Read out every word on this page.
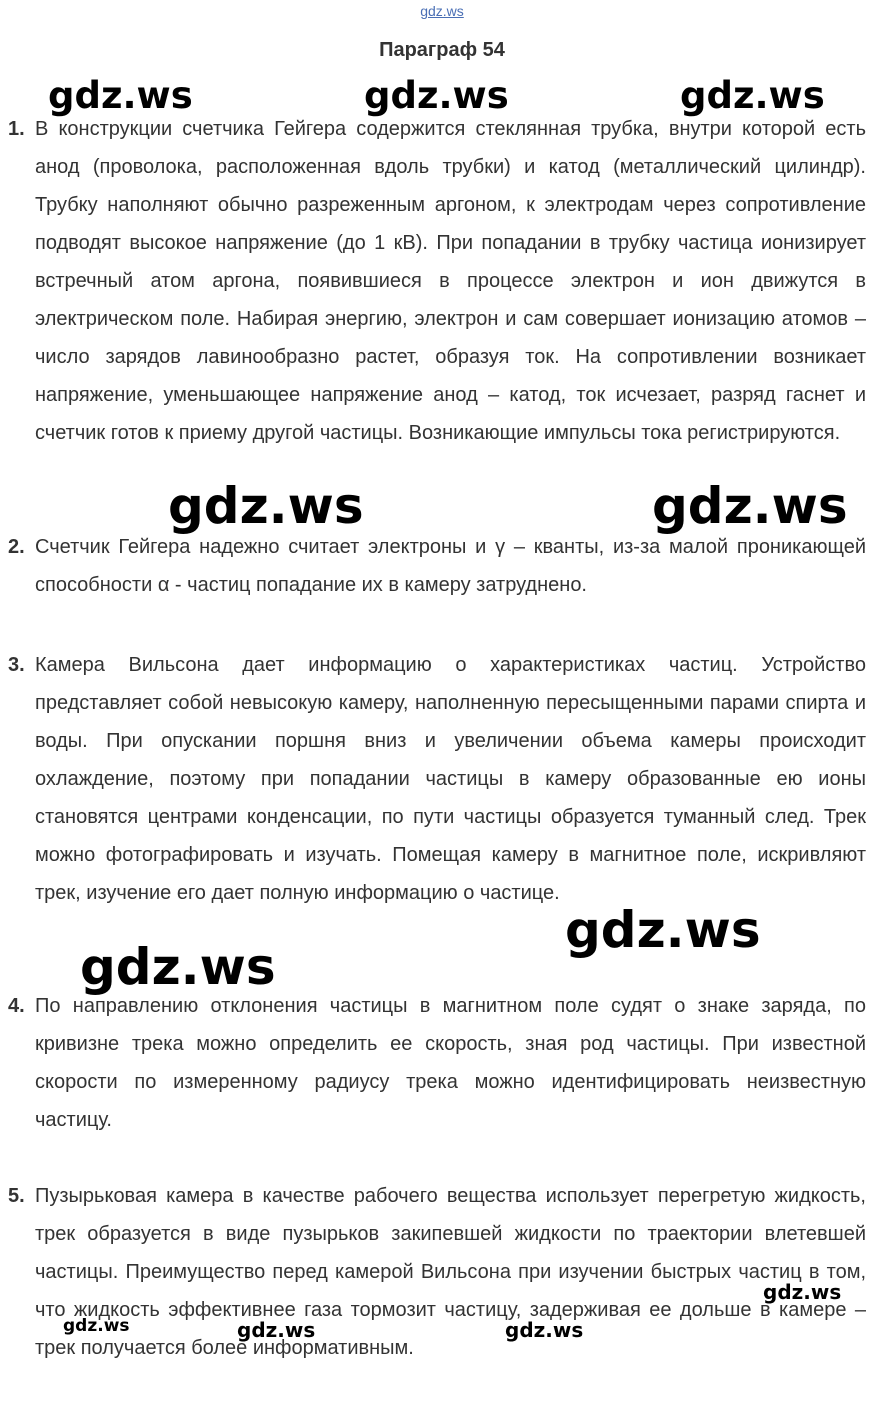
gdz.ws
Параграф 54
1. В конструкции счетчика Гейгера содержится стеклянная трубка, внутри которой есть анод (проволока, расположенная вдоль трубки) и катод (металлический цилиндр). Трубку наполняют обычно разреженным аргоном, к электродам через сопротивление подводят высокое напряжение (до 1 кВ). При попадании в трубку частица ионизирует встречный атом аргона, появившиеся в процессе электрон и ион движутся в электрическом поле. Набирая энергию, электрон и сам совершает ионизацию атомов – число зарядов лавинообразно растет, образуя ток. На сопротивлении возникает напряжение, уменьшающее напряжение анод – катод, ток исчезает, разряд гаснет и счетчик готов к приему другой частицы. Возникающие импульсы тока регистрируются.

2. Счетчик Гейгера надежно считает электроны и γ – кванты, из-за малой проникающей способности α - частиц попадание их в камеру затруднено.

3. Камера Вильсона дает информацию о характеристиках частиц. Устройство представляет собой невысокую камеру, наполненную пересыщенными парами спирта и воды. При опускании поршня вниз и увеличении объема камеры происходит охлаждение, поэтому при попадании частицы в камеру образованные ею ионы становятся центрами конденсации, по пути частицы образуется туманный след. Трек можно фотографировать и изучать. Помещая камеру в магнитное поле, искривляют трек, изучение его дает полную информацию о частице.

4. По направлению отклонения частицы в магнитном поле судят о знаке заряда, по кривизне трека можно определить ее скорость, зная род частицы. При известной скорости по измеренному радиусу трека можно идентифицировать неизвестную частицу.

5. Пузырьковая камера в качестве рабочего вещества использует перегретую жидкость, трек образуется в виде пузырьков закипевшей жидкости по траектории влетевшей частицы. Преимущество перед камерой Вильсона при изучении быстрых частиц в том, что жидкость эффективнее газа тормозит частицу, задерживая ее дольше в камере – трек получается более информативным.

gdz.ws	gdz.ws	gdz.ws
gdz.ws	gdz.ws
gdz.ws
gdz.ws
gdz.ws
gdz.ws	gdz.ws	gdz.ws
